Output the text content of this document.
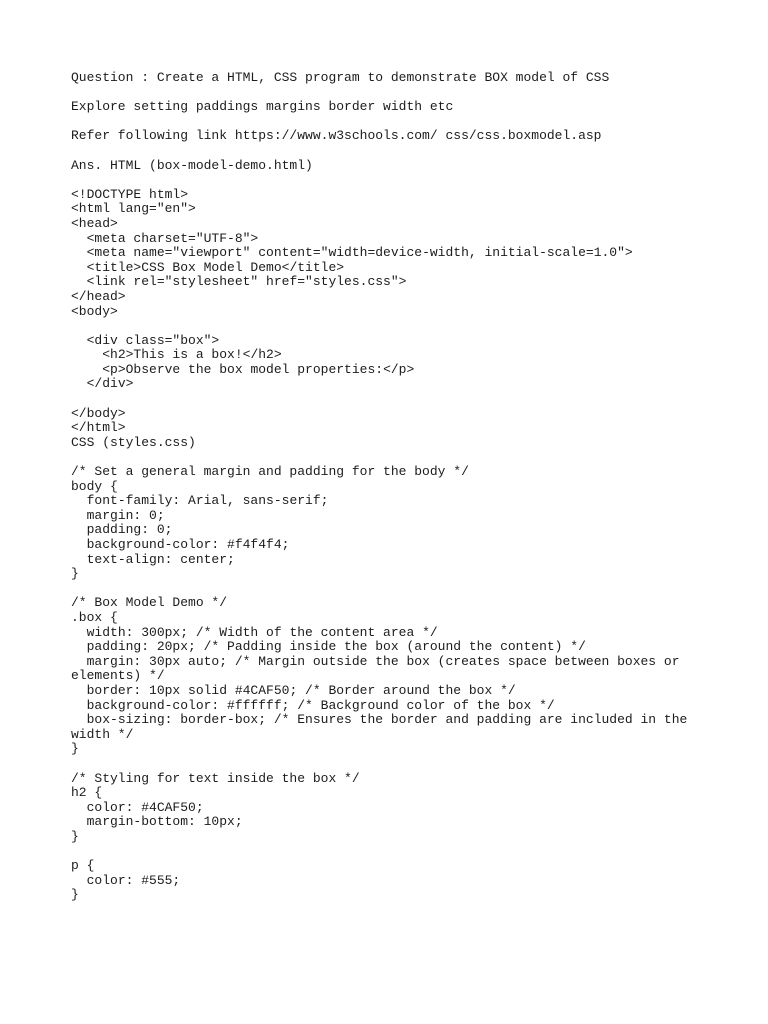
Question : Create a HTML, CSS program to demonstrate BOX model of CSS

Explore setting paddings margins border width etc

Refer following link https://www.w3schools.com/ css/css.boxmodel.asp

Ans. HTML (box-model-demo.html)

<!DOCTYPE html>
<html lang="en">
<head>
<meta charset="UTF-8">
<meta name="viewport" content="width=device-width, initial-scale=1.0">
<title>CSS Box Model Demo</title>
<link rel="stylesheet" href="styles.css">
</head>
<body>
<div class="box">
<h2>This is a box!</h2>
<p>Observe the box model properties:</p>
</div>
</body>
</html>

CSS (styles.css)

/* Set a general margin and padding for the body */
body {
font-family: Arial, sans-serif;
margin: 0;
padding: 0;
background-color: #f4f4f4;
text-align: center;
}
/* Box Model Demo */
.box {
width: 300px; /* Width of the content area */
padding: 20px; /* Padding inside the box (around the content) */
margin: 30px auto; /* Margin outside the box (creates space between boxes or elements) */
border: 10px solid #4CAF50; /* Border around the box */
background-color: #ffffff; /* Background color of the box */
box-sizing: border-box; /* Ensures the border and padding are included in the width */
}
/* Styling for text inside the box */
h2 {
color: #4CAF50;
margin-bottom: 10px;
}
p {
color: #555;
}
